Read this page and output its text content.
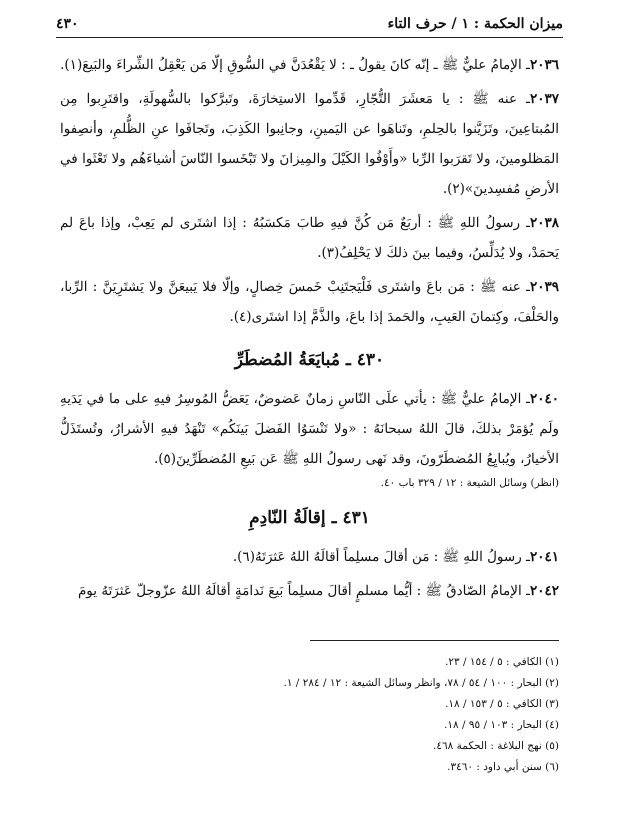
ميزان الحكمة : ١ / حرف التاء
٤٣٠

٢٠٣٦ـ الإمامُ عليٌّ ﷺ ـ إنّه كانَ يقولُ ـ : لا يَقْعُدَنَّ في السُّوقِ إلّا مَن يَعْقِلُ الشِّراءَ والبَيعَ(١).

٢٠٣٧ـ عنه ﷺ : يا مَعشَرَ التُّجّارِ، قَدِّموا الاستِخارَةَ، وتَبرَّكوا بالسُّهولَةِ، واقتَرِبوا مِن المُبتاعِينَ، وتَزَيَّنوا بالحِلمِ، وتَناهَوا عن اليَمينِ، وجانِبوا الكَذِبَ، وتَجافَوا عنِ الظُّلمِ، وأنصِفوا المَظلومينَ، ولا تَقرَبوا الرِّبا «وأَوْفُوا الكَيْلَ والمِيزانَ ولا تَبْخَسوا النّاسَ أشياءَهُم ولا تَعْثَوا في الأرضِ مُفسِدينَ»(٢).

٢٠٣٨ـ رسولُ اللهِ ﷺ : أربَعٌ مَن كُنَّ فيهِ طابَ مَكسَبُهُ : إذا اشتَرى لم يَعِبْ، وإذا باعَ لم يَحمَدْ، ولا يُدَلِّسُ، وفيما بينَ ذلكَ لا يَحْلِفُ(٣).

٢٠٣٩ـ عنه ﷺ : مَن باعَ واشتَرى فَلْيَجتَنِبْ خَمسَ خِصالٍ، وإلّا فلا يَبيعَنَّ ولا يَشتَرِيَنَّ : الرِّبا، والحَلْفَ، وكِتمانَ العَيبِ، والحَمدَ إذا باعَ، والذَّمَّ إذا اشتَرى(٤).

٤٣٠ ـ مُبايَعَةُ المُضطَرِّ

٢٠٤٠ـ الإمامُ عليٌّ ﷺ : يأتي علَى النّاسِ زمانٌ عَضوضٌ، يَعَضُّ المُوسِرُ فيهِ على ما في يَدَيهِ ولَم يُؤمَرْ بذلكَ، قالَ اللهُ سبحانَهُ : «ولا تَنْسَوُا الفَضلَ بَينَكُم» تَنْهَدُ فيهِ الأشرارُ، وتُستَذَلُّ الأخيارُ، ويُبايِعُ المُضطَرّونَ، وقد نَهى رسولُ اللهِ ﷺ عَن بَيعِ المُضطَرِّينَ(٥).

(انظر) وسائل الشيعة : ١٢ / ٣٢٩ باب ٤٠.
٤٣١ ـ إقالَةُ النّادِمِ

٢٠٤١ـ رسولُ اللهِ ﷺ : مَن أقالَ مسلِماً أقالَهُ اللهُ عَثرَتَهُ(٦).

٢٠٤٢ـ الإمامُ الصّادقُ ﷺ : أيُّما مسلمٍ أقالَ مسلِماً بَيعَ نَدامَةٍ أقالَهُ اللهُ عزّوجلّ عَثرَتَهُ يومَ

(١) الكافي : ٥ / ١٥٤ / ٢٣.
(٢) البحار : ١٠٠ / ٥٤ / ٧٨، وانظر وسائل الشيعة : ١٢ / ٢٨٤ / ١.
(٣) الكافي : ٥ / ١٥٣ / ١٨.
(٤) البحار : ١٠٣ / ٩٥ / ١٨.
(٥) نهج البلاغة : الحكمة ٤٦٨.
(٦) سنن أبي داود : ٣٤٦٠.
